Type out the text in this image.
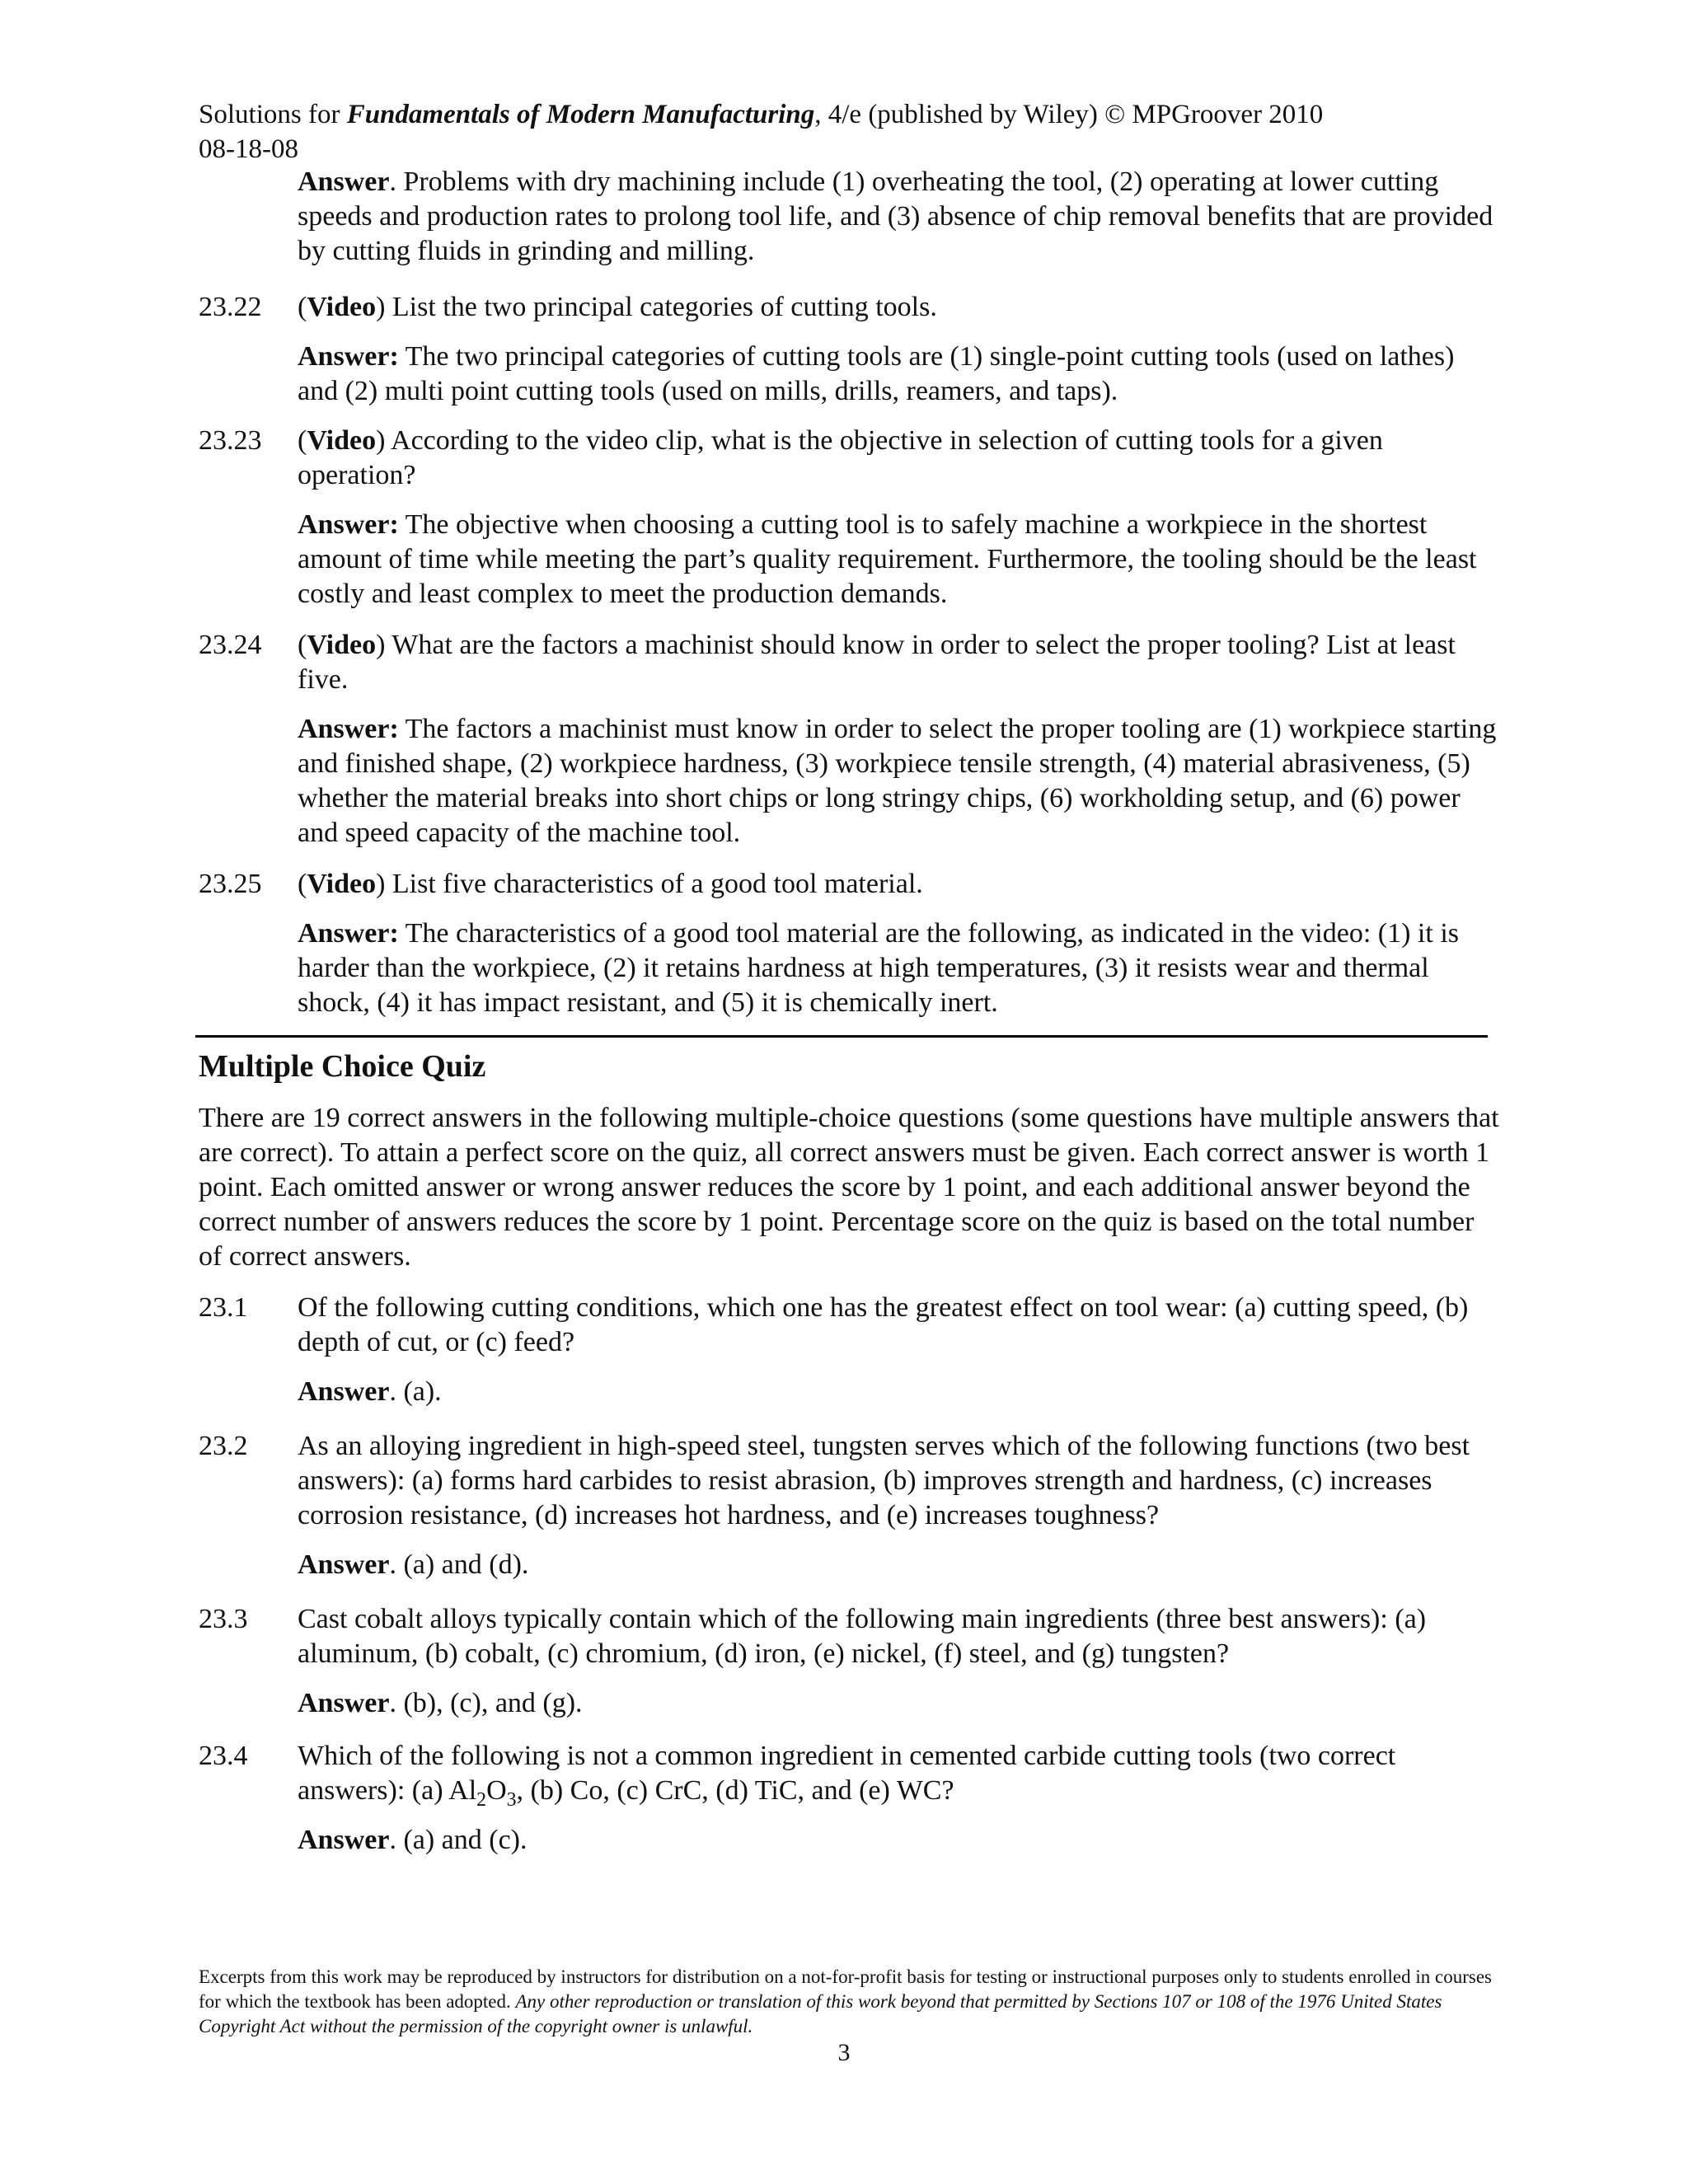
Solutions for Fundamentals of Modern Manufacturing, 4/e (published by Wiley) © MPGroover 2010
08-18-08
Answer. Problems with dry machining include (1) overheating the tool, (2) operating at lower cutting speeds and production rates to prolong tool life, and (3) absence of chip removal benefits that are provided by cutting fluids in grinding and milling.
23.22	(Video) List the two principal categories of cutting tools.
Answer: The two principal categories of cutting tools are (1) single-point cutting tools (used on lathes) and (2) multi point cutting tools (used on mills, drills, reamers, and taps).
23.23	(Video) According to the video clip, what is the objective in selection of cutting tools for a given operation?
Answer: The objective when choosing a cutting tool is to safely machine a workpiece in the shortest amount of time while meeting the part’s quality requirement. Furthermore, the tooling should be the least costly and least complex to meet the production demands.
23.24	(Video) What are the factors a machinist should know in order to select the proper tooling? List at least five.
Answer: The factors a machinist must know in order to select the proper tooling are (1) workpiece starting and finished shape, (2) workpiece hardness, (3) workpiece tensile strength, (4) material abrasiveness, (5) whether the material breaks into short chips or long stringy chips, (6) workholding setup, and (6) power and speed capacity of the machine tool.
23.25	(Video) List five characteristics of a good tool material.
Answer: The characteristics of a good tool material are the following, as indicated in the video: (1) it is harder than the workpiece, (2) it retains hardness at high temperatures, (3) it resists wear and thermal shock, (4) it has impact resistant, and (5) it is chemically inert.
Multiple Choice Quiz
There are 19 correct answers in the following multiple-choice questions (some questions have multiple answers that are correct). To attain a perfect score on the quiz, all correct answers must be given. Each correct answer is worth 1 point. Each omitted answer or wrong answer reduces the score by 1 point, and each additional answer beyond the correct number of answers reduces the score by 1 point. Percentage score on the quiz is based on the total number of correct answers.
23.1	Of the following cutting conditions, which one has the greatest effect on tool wear: (a) cutting speed, (b) depth of cut, or (c) feed?
Answer. (a).
23.2	As an alloying ingredient in high-speed steel, tungsten serves which of the following functions (two best answers): (a) forms hard carbides to resist abrasion, (b) improves strength and hardness, (c) increases corrosion resistance, (d) increases hot hardness, and (e) increases toughness?
Answer. (a) and (d).
23.3	Cast cobalt alloys typically contain which of the following main ingredients (three best answers): (a) aluminum, (b) cobalt, (c) chromium, (d) iron, (e) nickel, (f) steel, and (g) tungsten?
Answer. (b), (c), and (g).
23.4	Which of the following is not a common ingredient in cemented carbide cutting tools (two correct answers): (a) $Al_2O_3$, (b) Co, (c) CrC, (d) TiC, and (e) WC?
Answer. (a) and (c).
Excerpts from this work may be reproduced by instructors for distribution on a not-for-profit basis for testing or instructional purposes only to students enrolled in courses for which the textbook has been adopted. Any other reproduction or translation of this work beyond that permitted by Sections 107 or 108 of the 1976 United States Copyright Act without the permission of the copyright owner is unlawful.
3
